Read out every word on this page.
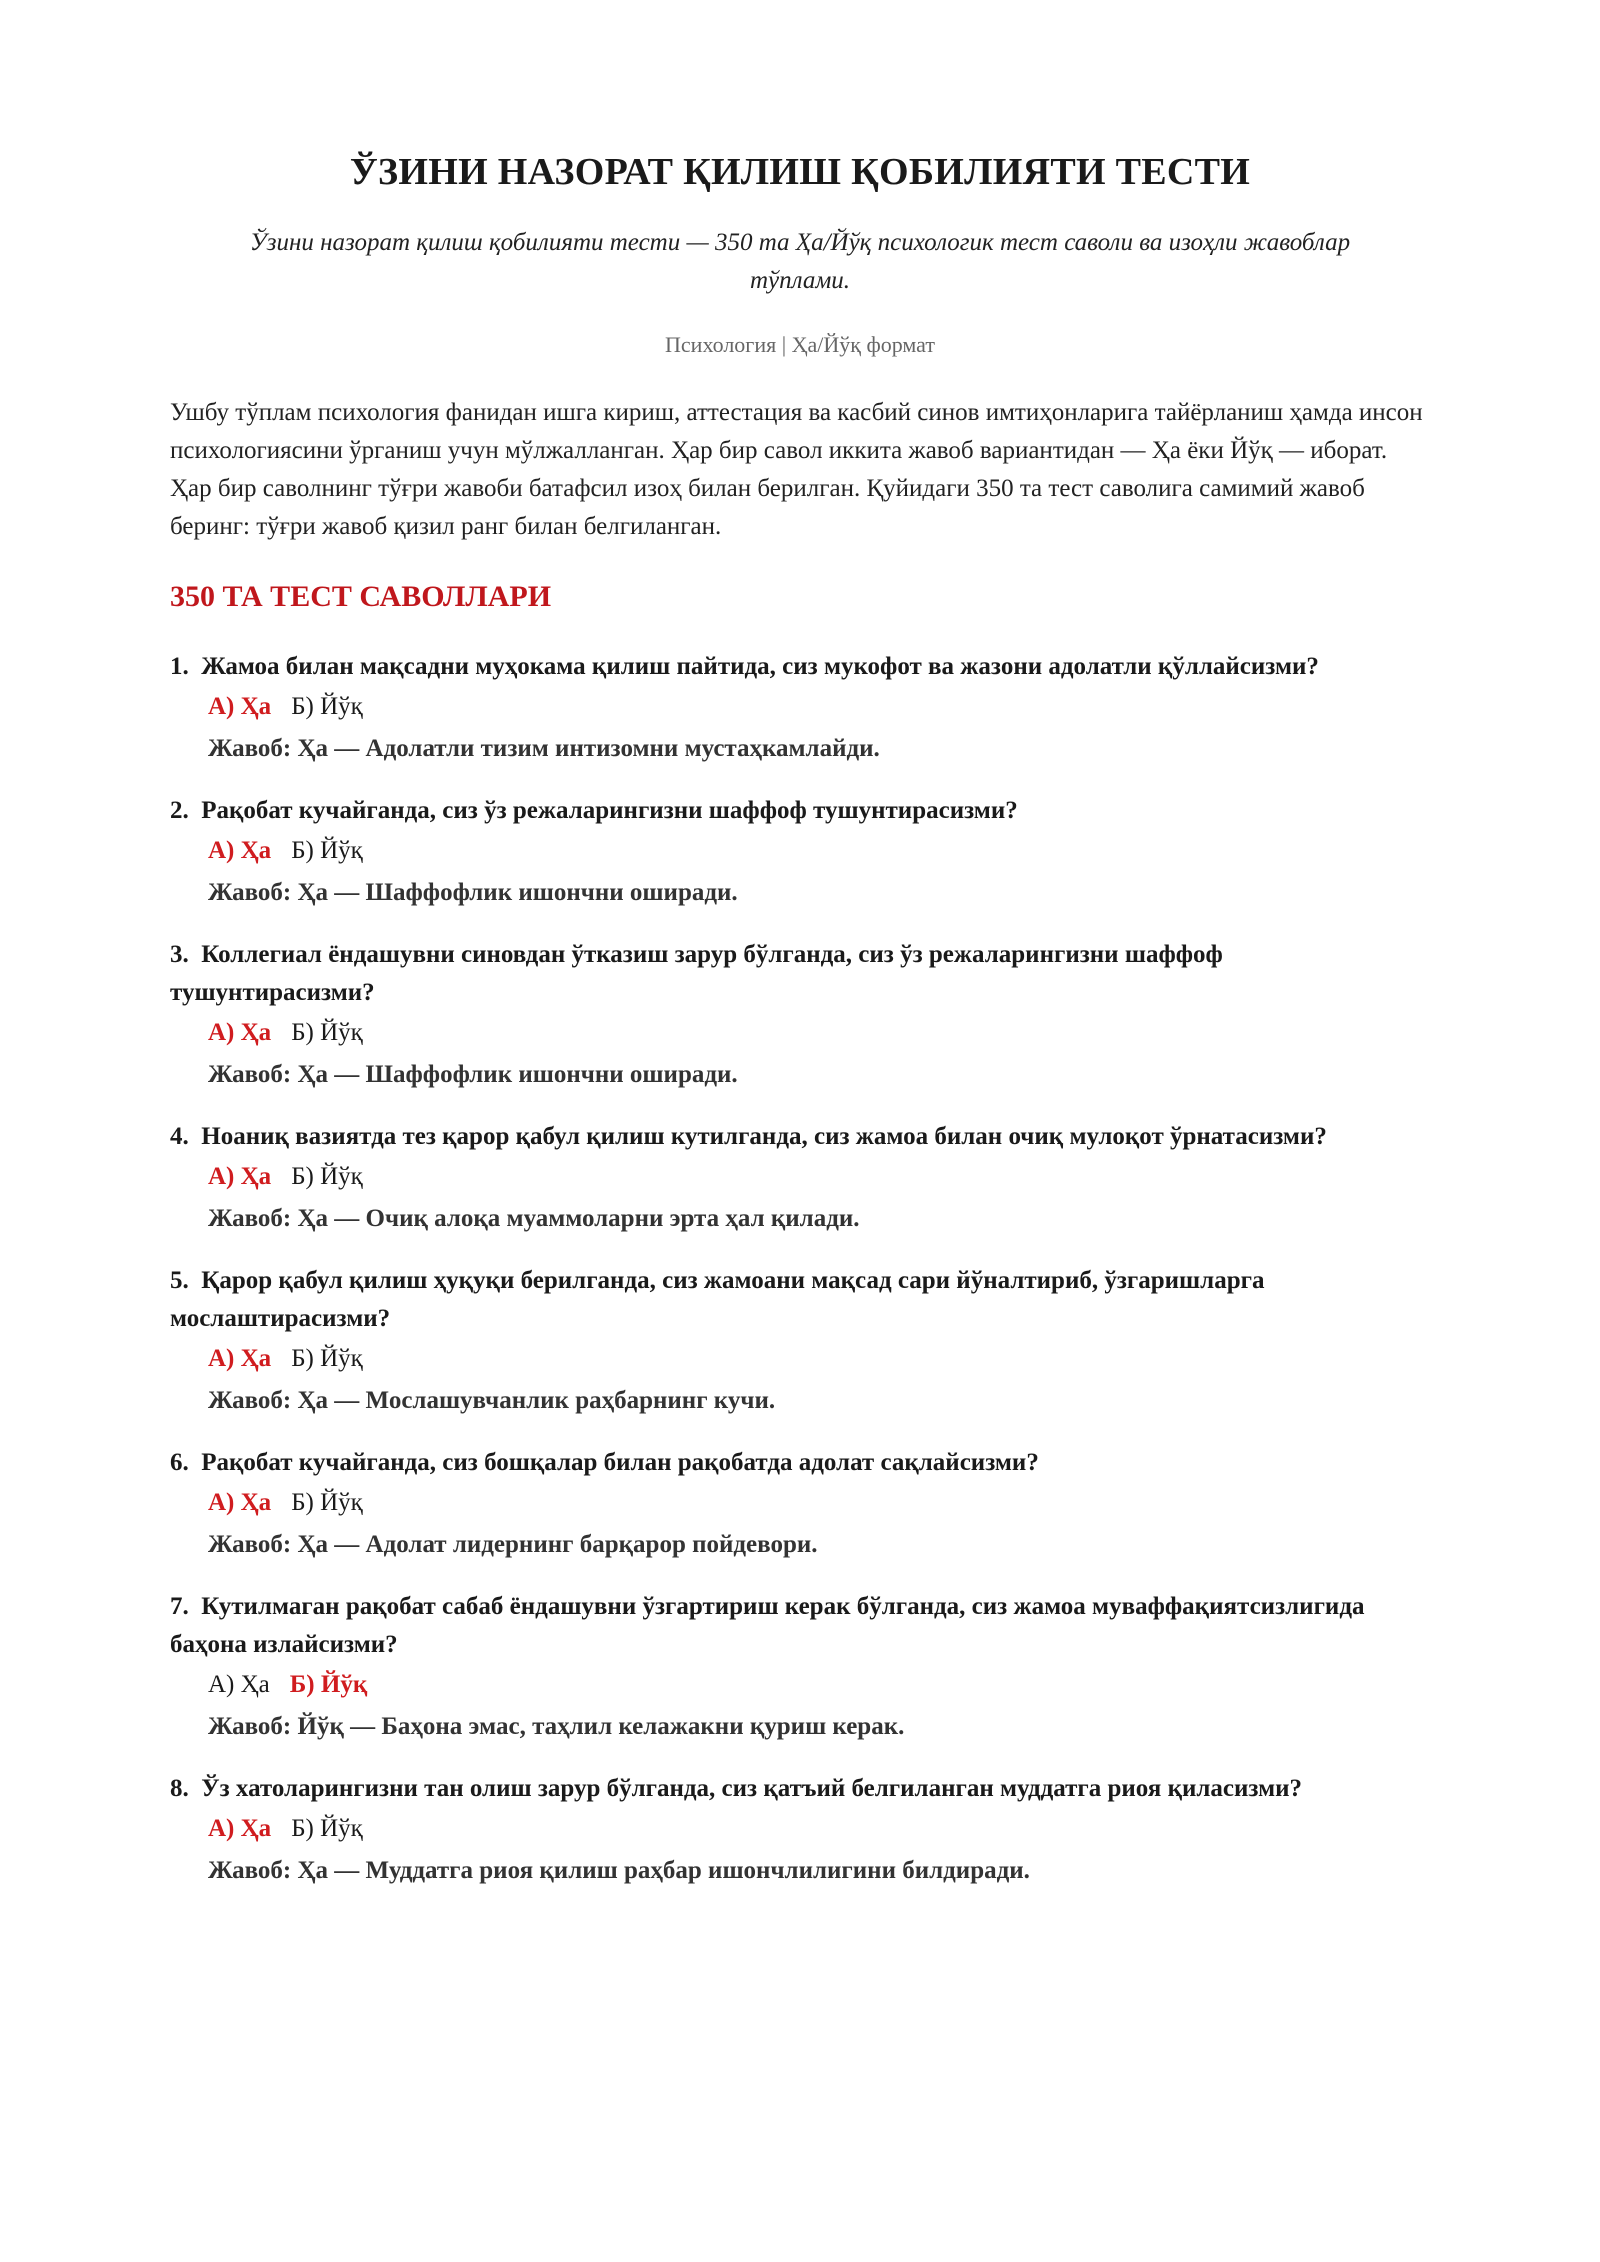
ЎЗИНИ НАЗОРАТ ҚИЛИШ ҚОБИЛИЯТИ ТЕСТИ
Ўзини назорат қилиш қобилияти тести — 350 та Ҳа/Йўқ психологик тест саволи ва изоҳли жавоблар тўплами.
Психология | Ҳа/Йўқ формат
Ушбу тўплам психология фанидан ишга кириш, аттестация ва касбий синов имтиҳонларига тайёрланиш ҳамда инсон психологиясини ўрганиш учун мўлжалланган. Ҳар бир савол иккита жавоб вариантидан — Ҳа ёки Йўқ — иборат. Ҳар бир саволнинг тўғри жавоби батафсил изоҳ билан берилган. Қуйидаги 350 та тест саволига самимий жавоб беринг: тўғри жавоб қизил ранг билан белгиланган.
350 ТА ТЕСТ САВОЛЛАРИ
1. Жамоа билан мақсадни муҳокама қилиш пайтида, сиз мукофот ва жазони адолатли қўллайсизми?
А) Ҳа Б) Йўқ
Жавоб: Ҳа — Адолатли тизим интизомни мустаҳкамлайди.
2. Рақобат кучайганда, сиз ўз режаларингизни шаффоф тушунтирасизми?
А) Ҳа Б) Йўқ
Жавоб: Ҳа — Шаффофлик ишончни оширади.
3. Коллегиал ёндашувни синовдан ўтказиш зарур бўлганда, сиз ўз режаларингизни шаффоф тушунтирасизми?
А) Ҳа Б) Йўқ
Жавоб: Ҳа — Шаффофлик ишончни оширади.
4. Ноаниқ вазиятда тез қарор қабул қилиш кутилганда, сиз жамоа билан очиқ мулоқот ўрнатасизми?
А) Ҳа Б) Йўқ
Жавоб: Ҳа — Очиқ алоқа муаммоларни эрта ҳал қилади.
5. Қарор қабул қилиш ҳуқуқи берилганда, сиз жамоани мақсад сари йўналтириб, ўзгаришларга мослаштирасизми?
А) Ҳа Б) Йўқ
Жавоб: Ҳа — Мослашувчанлик раҳбарнинг кучи.
6. Рақобат кучайганда, сиз бошқалар билан рақобатда адолат сақлайсизми?
А) Ҳа Б) Йўқ
Жавоб: Ҳа — Адолат лидернинг барқарор пойдевори.
7. Кутилмаган рақобат сабаб ёндашувни ўзгартириш керак бўлганда, сиз жамоа муваффақиятсизлигида баҳона излайсизми?
А) Ҳа Б) Йўқ
Жавоб: Йўқ — Баҳона эмас, таҳлил келажакни қуриш керак.
8. Ўз хатоларингизни тан олиш зарур бўлганда, сиз қатъий белгиланган муддатга риоя қиласизми?
А) Ҳа Б) Йўқ
Жавоб: Ҳа — Муддатга риоя қилиш раҳбар ишончлилигини билдиради.
